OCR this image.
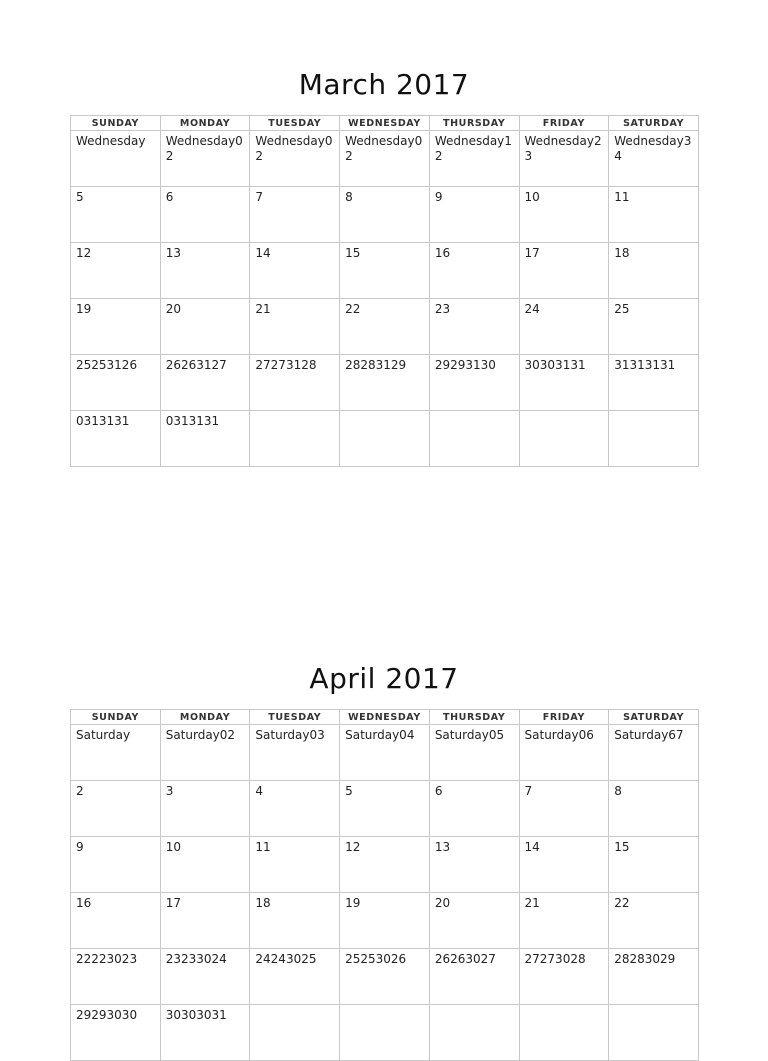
March 2017
SUNDAY	MONDAY	TUESDAY	WEDNESDAY	THURSDAY	FRIDAY	SATURDAY

Wednesday	Wednesday02	Wednesday02	Wednesday02	Wednesday12	Wednesday23	Wednesday34

5	6	7	8	9	10	11

12	13	14	15	16	17	18

19	20	21	22	23	24	25

25253126	26263127	27273128	28283129	29293130	30303131	31313131

0313131	0313131					

April 2017
SUNDAY	MONDAY	TUESDAY	WEDNESDAY	THURSDAY	FRIDAY	SATURDAY

Saturday	Saturday02	Saturday03	Saturday04	Saturday05	Saturday06	Saturday67

2	3	4	5	6	7	8

9	10	11	12	13	14	15

16	17	18	19	20	21	22

22223023	23233024	24243025	25253026	26263027	27273028	28283029

29293030	30303031					
